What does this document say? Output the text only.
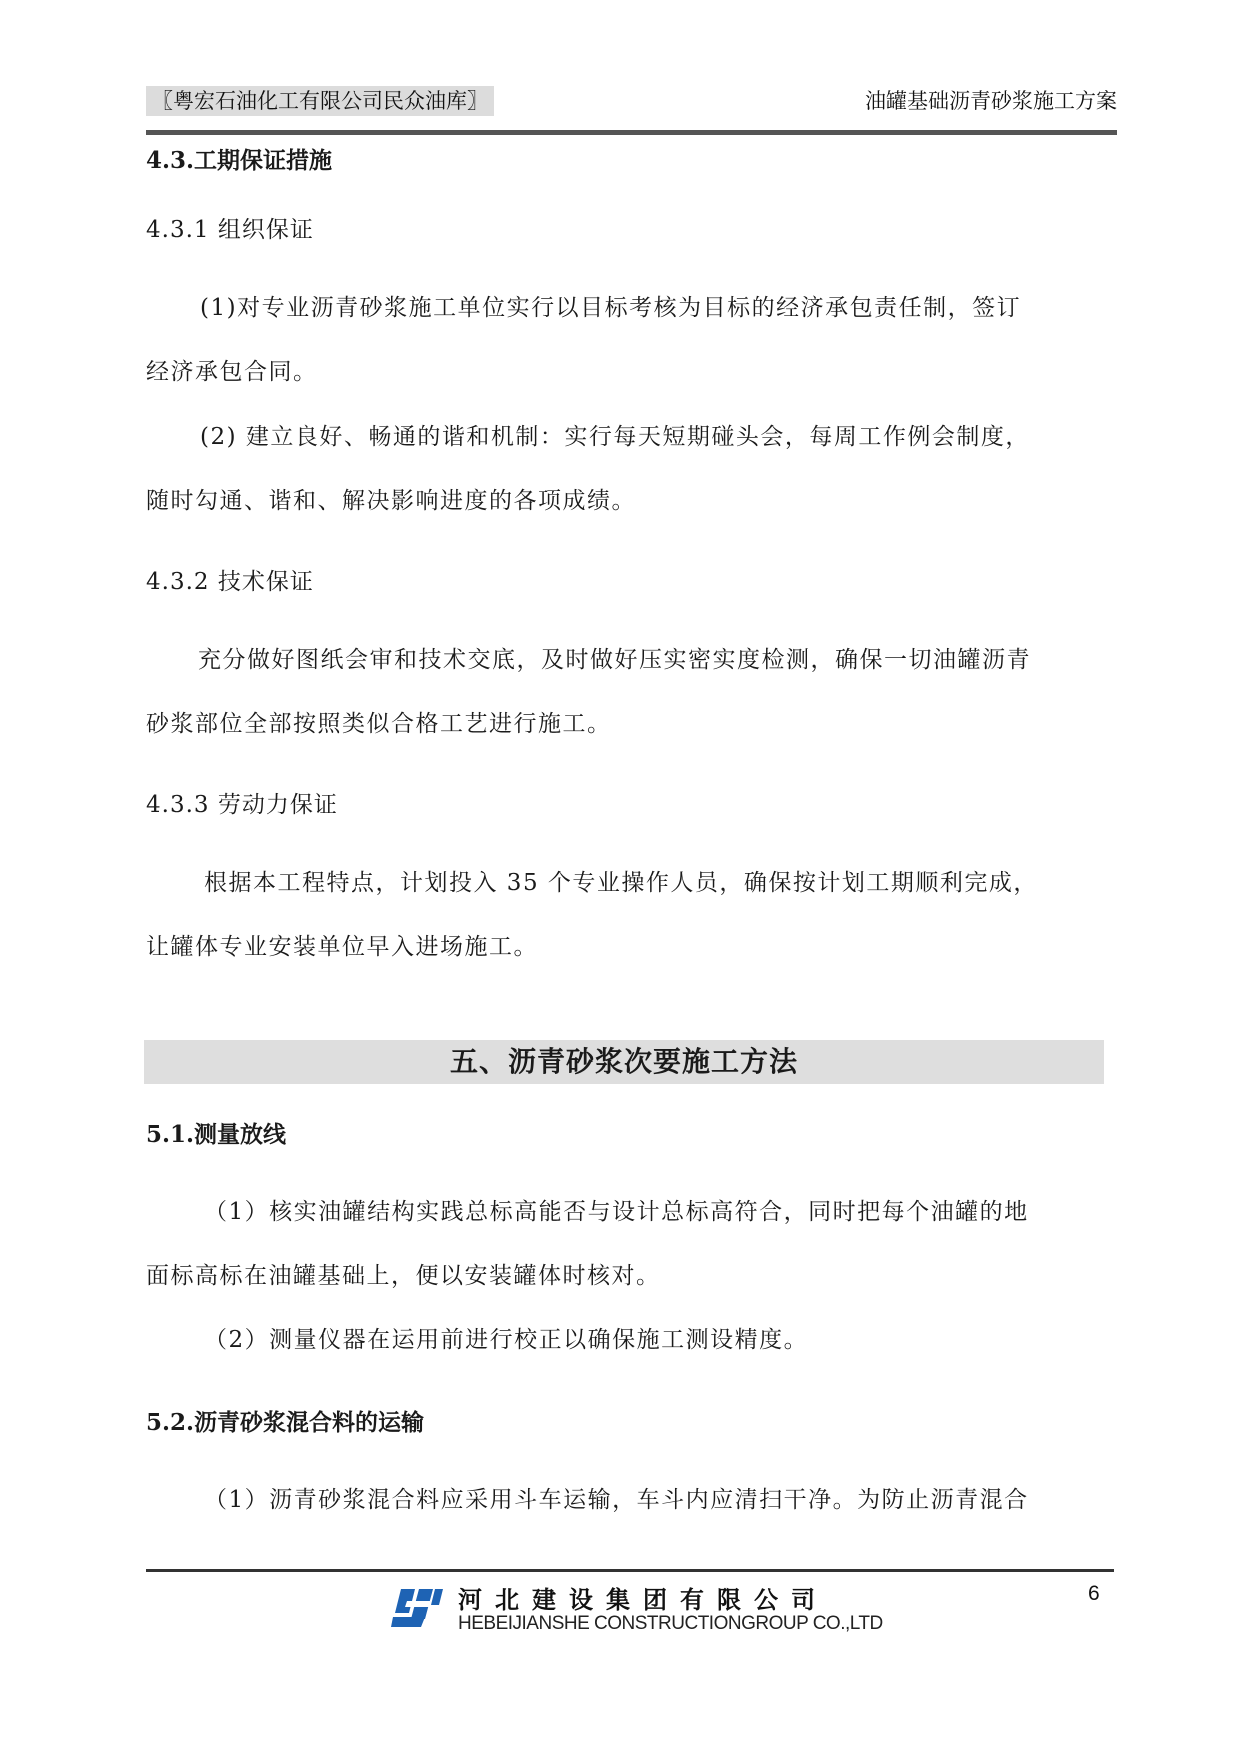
〖粤宏石油化工有限公司民众油库〗	油罐基础沥青砂浆施工方案
4.3.工期保证措施
4.3.1 组织保证
(1)对专业沥青砂浆施工单位实行以目标考核为目标的经济承包责任制，签订
经济承包合同。
(2) 建立良好、畅通的谐和机制：实行每天短期碰头会，每周工作例会制度，
随时勾通、谐和、解决影响进度的各项成绩。
4.3.2 技术保证
充分做好图纸会审和技术交底，及时做好压实密实度检测，确保一切油罐沥青
砂浆部位全部按照类似合格工艺进行施工。
4.3.3 劳动力保证
根据本工程特点，计划投入 35 个专业操作人员，确保按计划工期顺利完成，
让罐体专业安装单位早入进场施工。
五、沥青砂浆次要施工方法
5.1.测量放线
（1）核实油罐结构实践总标高能否与设计总标高符合，同时把每个油罐的地
面标高标在油罐基础上，便以安装罐体时核对。
（2）测量仪器在运用前进行校正以确保施工测设精度。
5.2.沥青砂浆混合料的运输
（1）沥青砂浆混合料应采用斗车运输，车斗内应清扫干净。为防止沥青混合
河北建设集团有限公司
HEBEIJIANSHE CONSTRUCTIONGROUP CO.,LTD
6
